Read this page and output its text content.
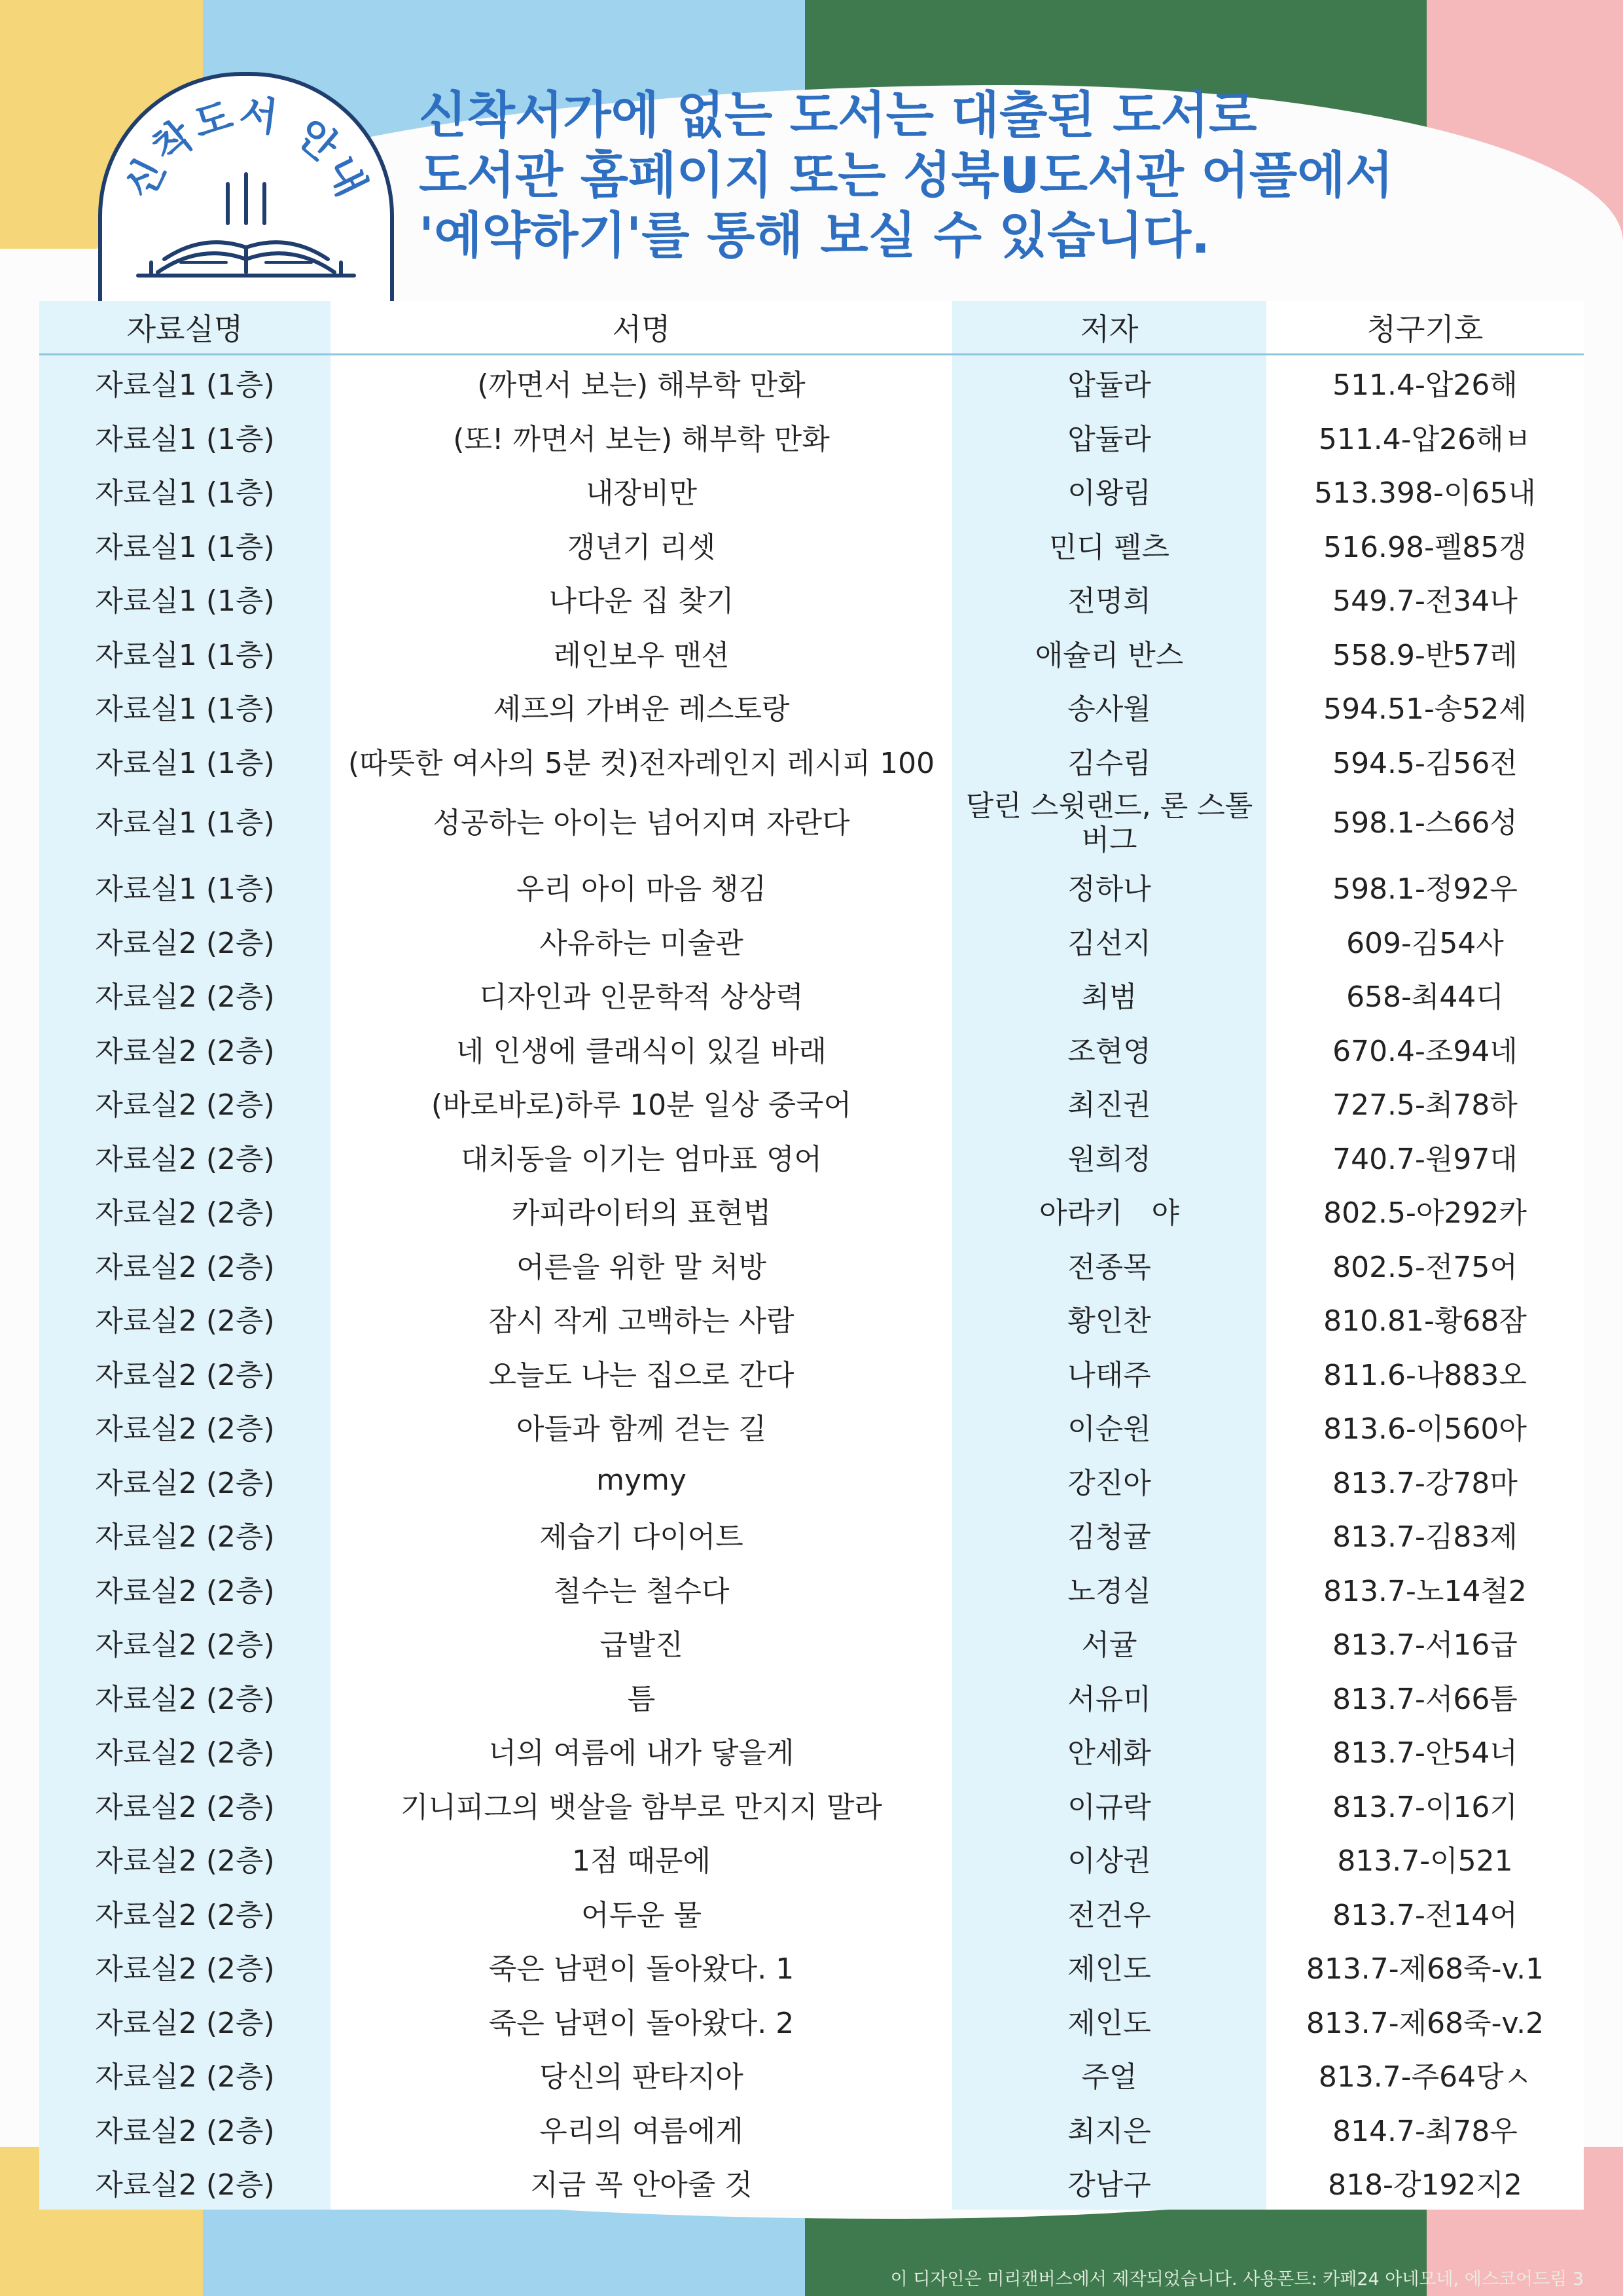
신착도서 안내
신착서가에 없는 도서는 대출된 도서로
도서관 홈페이지 또는 성북U도서관 어플에서
'예약하기'를 통해 보실 수 있습니다.
자료실명	서명	저자	청구기호
자료실1 (1층)	(까면서 보는) 해부학 만화	압듈라	511.4-압26해
자료실1 (1층)	(또! 까면서 보는) 해부학 만화	압듈라	511.4-압26해ㅂ
자료실1 (1층)	내장비만	이왕림	513.398-이65내
자료실1 (1층)	갱년기 리셋	민디 펠츠	516.98-펠85갱
자료실1 (1층)	나다운 집 찾기	전명희	549.7-전34나
자료실1 (1층)	레인보우 맨션	애슐리 반스	558.9-반57레
자료실1 (1층)	셰프의 가벼운 레스토랑	송사월	594.51-송52셰
자료실1 (1층)	(따뜻한 여사의 5분 컷)전자레인지 레시피 100	김수림	594.5-김56전
자료실1 (1층)	성공하는 아이는 넘어지며 자란다	달린 스윗랜드, 론 스톨버그	598.1-스66성
자료실1 (1층)	우리 아이 마음 챙김	정하나	598.1-정92우
자료실2 (2층)	사유하는 미술관	김선지	609-김54사
자료실2 (2층)	디자인과 인문학적 상상력	최범	658-최44디
자료실2 (2층)	네 인생에 클래식이 있길 바래	조현영	670.4-조94네
자료실2 (2층)	(바로바로)하루 10분 일상 중국어	최진권	727.5-최78하
자료실2 (2층)	대치동을 이기는 엄마표 영어	원희정	740.7-원97대
자료실2 (2층)	카피라이터의 표현법	아라키　야	802.5-아292카
자료실2 (2층)	어른을 위한 말 처방	전종목	802.5-전75어
자료실2 (2층)	잠시 작게 고백하는 사람	황인찬	810.81-황68잠
자료실2 (2층)	오늘도 나는 집으로 간다	나태주	811.6-나883오
자료실2 (2층)	아들과 함께 걷는 길	이순원	813.6-이560아
자료실2 (2층)	mymy	강진아	813.7-강78마
자료실2 (2층)	제습기 다이어트	김청귤	813.7-김83제
자료실2 (2층)	철수는 철수다	노경실	813.7-노14철2
자료실2 (2층)	급발진	서귤	813.7-서16급
자료실2 (2층)	틈	서유미	813.7-서66틈
자료실2 (2층)	너의 여름에 내가 닿을게	안세화	813.7-안54너
자료실2 (2층)	기니피그의 뱃살을 함부로 만지지 말라	이규락	813.7-이16기
자료실2 (2층)	1점 때문에	이상권	813.7-이521
자료실2 (2층)	어두운 물	전건우	813.7-전14어
자료실2 (2층)	죽은 남편이 돌아왔다. 1	제인도	813.7-제68죽-v.1
자료실2 (2층)	죽은 남편이 돌아왔다. 2	제인도	813.7-제68죽-v.2
자료실2 (2층)	당신의 판타지아	주얼	813.7-주64당ㅅ
자료실2 (2층)	우리의 여름에게	최지은	814.7-최78우
자료실2 (2층)	지금 꼭 안아줄 것	강남구	818-강192지2
이 디자인은 미리캔버스에서 제작되었습니다. 사용폰트: 카페24 아네모네, 에스코어드림 3
